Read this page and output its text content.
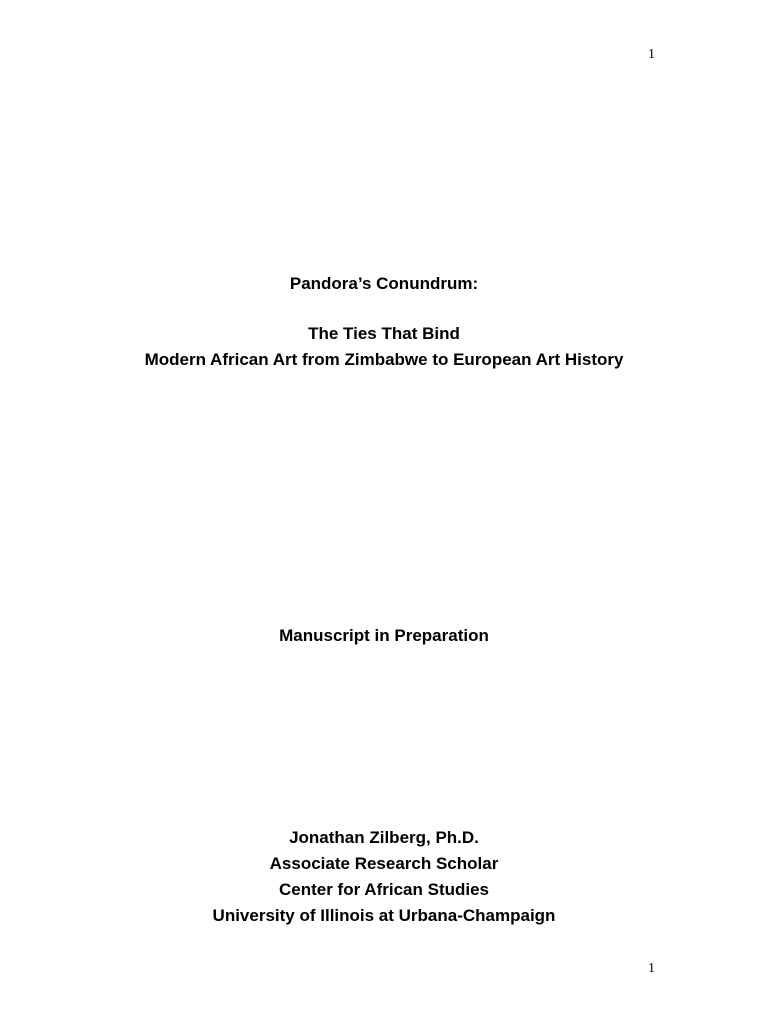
1
Pandora’s Conundrum:
The Ties That Bind
Modern African Art from Zimbabwe to European Art History
Manuscript in Preparation
Jonathan Zilberg, Ph.D.
Associate Research Scholar
Center for African Studies
University of Illinois at Urbana-Champaign
1
